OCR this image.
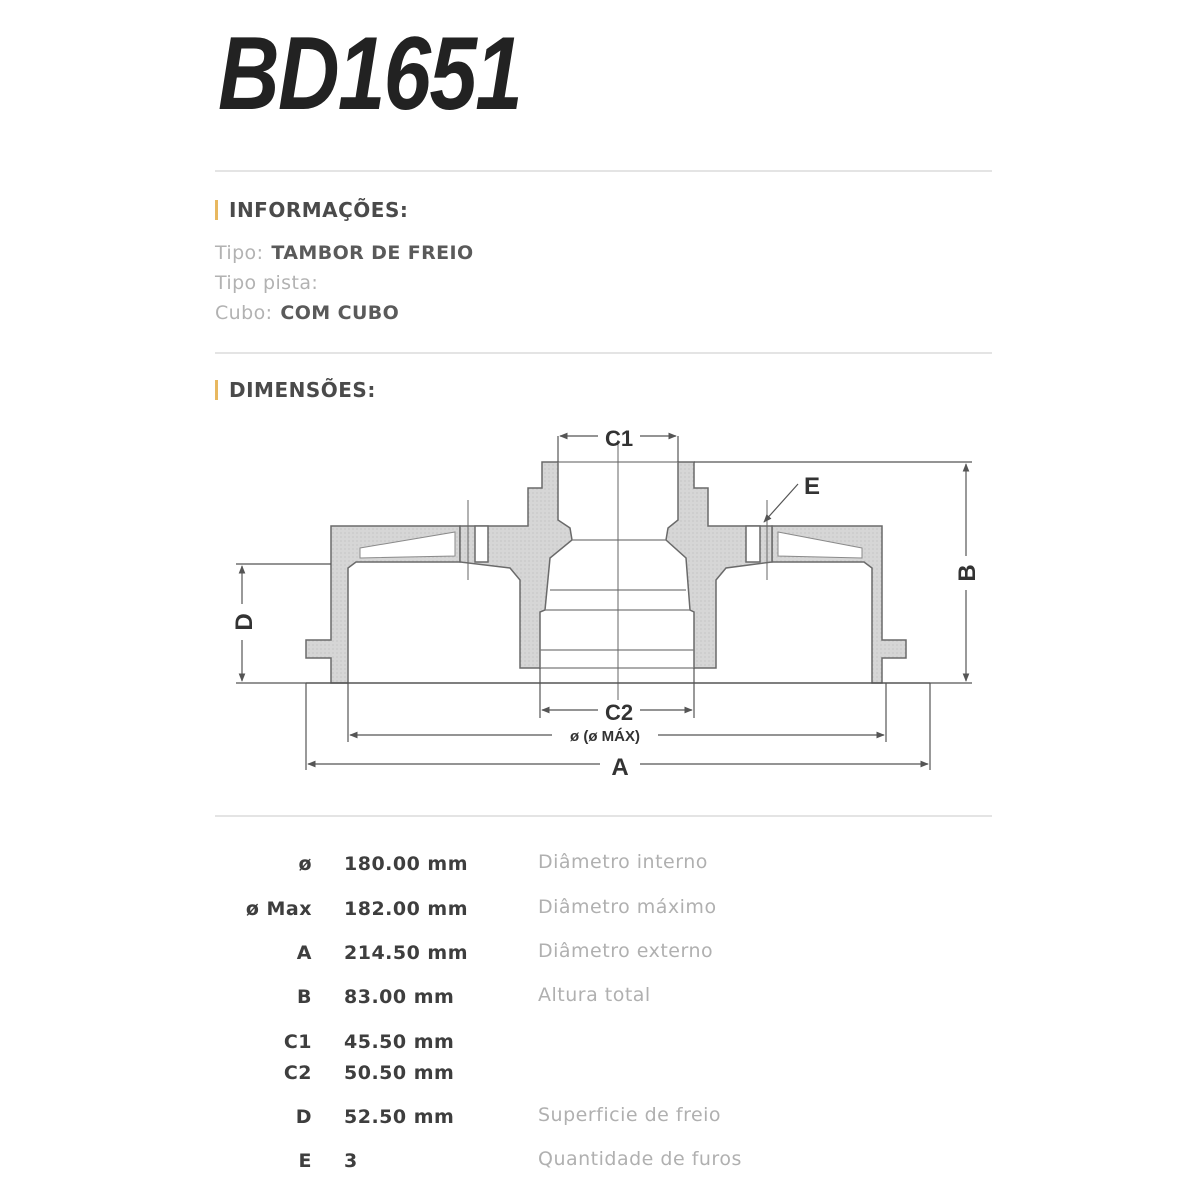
BD1651
INFORMAÇÕES:
Tipo: TAMBOR DE FREIO
Tipo pista:
Cubo: COM CUBO
DIMENSÕES:
C1
C2
ø (ø MÁX)
A
E
B
D
ø 180.00 mm	Diâmetro interno
ø Max 182.00 mm	Diâmetro máximo
A 214.50 mm	Diâmetro externo
B 83.00 mm	Altura total
C1 45.50 mm
C2 50.50 mm
D 52.50 mm	Superficie de freio
E 3	Quantidade de furos
